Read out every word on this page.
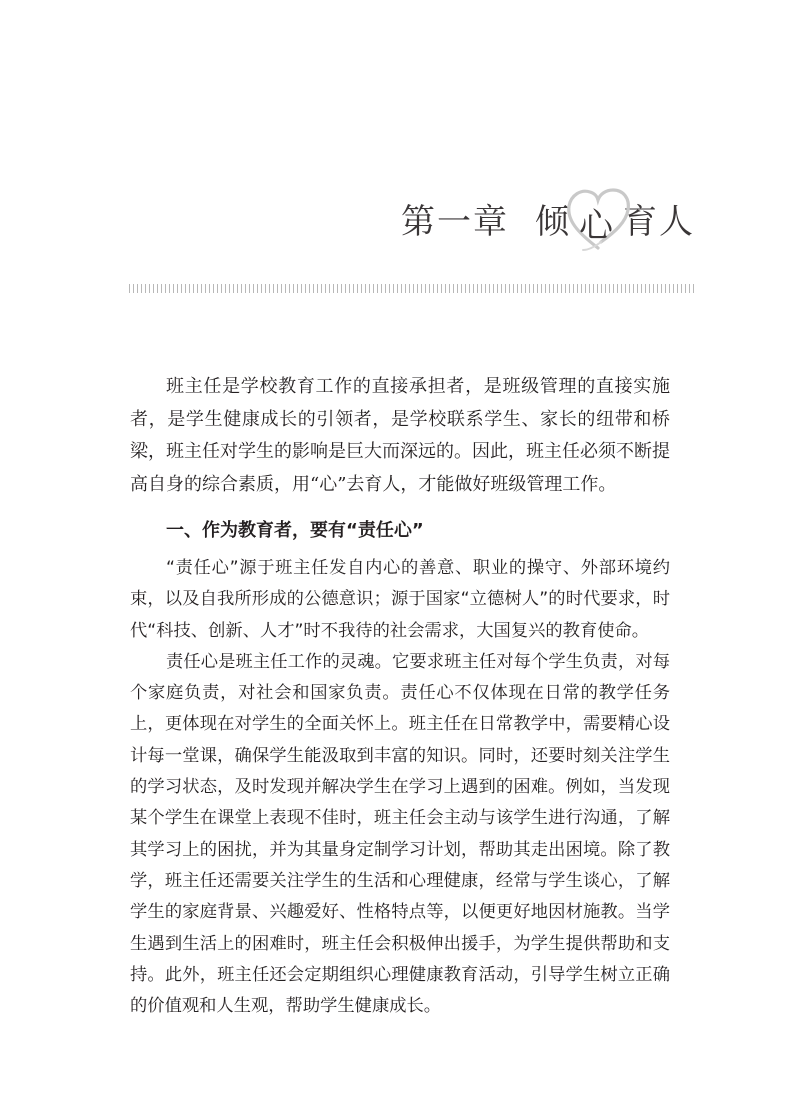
第一章 倾 心 育人

班主任是学校教育工作的直接承担者，是班级管理的直接实施者，是学生健康成长的引领者，是学校联系学生、家长的纽带和桥梁，班主任对学生的影响是巨大而深远的。因此，班主任必须不断提高自身的综合素质，用“心”去育人，才能做好班级管理工作。

一、作为教育者，要有“责任心”

“责任心”源于班主任发自内心的善意、职业的操守、外部环境约束，以及自我所形成的公德意识；源于国家“立德树人”的时代要求，时代“科技、创新、人才”时不我待的社会需求，大国复兴的教育使命。

责任心是班主任工作的灵魂。它要求班主任对每个学生负责，对每个家庭负责，对社会和国家负责。责任心不仅体现在日常的教学任务上，更体现在对学生的全面关怀上。班主任在日常教学中，需要精心设计每一堂课，确保学生能汲取到丰富的知识。同时，还要时刻关注学生的学习状态，及时发现并解决学生在学习上遇到的困难。例如，当发现某个学生在课堂上表现不佳时，班主任会主动与该学生进行沟通，了解其学习上的困扰，并为其量身定制学习计划，帮助其走出困境。除了教学，班主任还需要关注学生的生活和心理健康，经常与学生谈心，了解学生的家庭背景、兴趣爱好、性格特点等，以便更好地因材施教。当学生遇到生活上的困难时，班主任会积极伸出援手，为学生提供帮助和支持。此外，班主任还会定期组织心理健康教育活动，引导学生树立正确的价值观和人生观，帮助学生健康成长。
